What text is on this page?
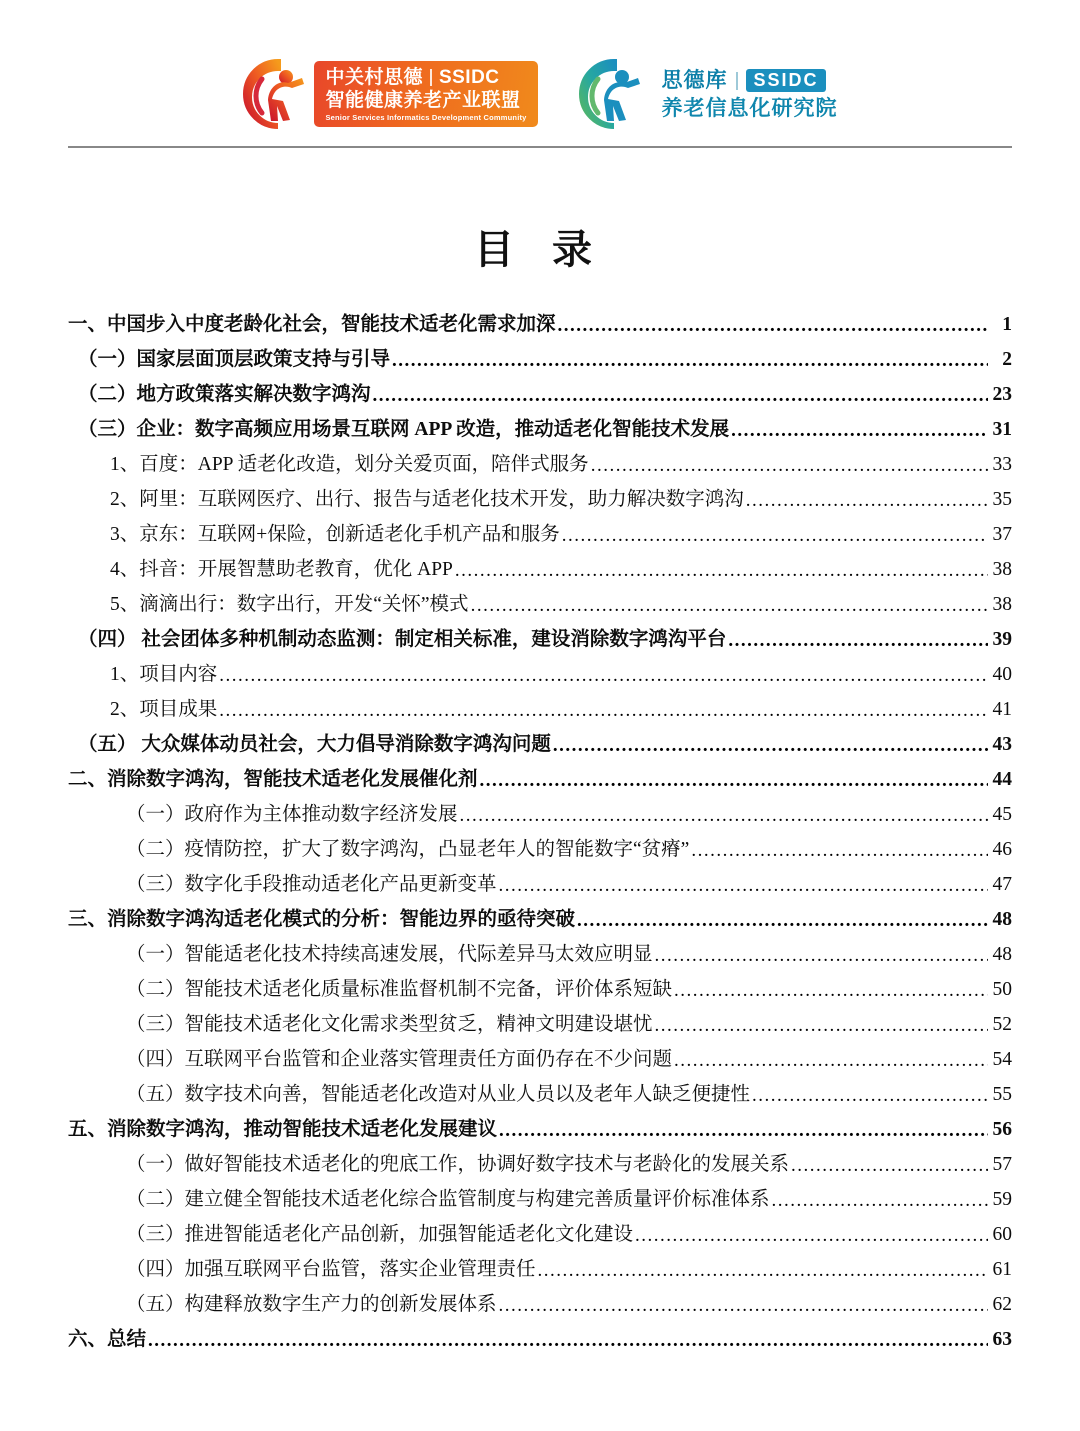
中关村思德 SSIDC
智能健康养老产业联盟
Senior Services Informatics Development Community
思德库	SSIDC
养老信息化研究院
目 录
一、中国步入中度老龄化社会，智能技术适老化需求加深 .....	1
（一）国家层面顶层政策支持与引导 .....	2
（二）地方政策落实解决数字鸿沟 .....	23
（三）企业：数字高频应用场景互联网 APP 改造，推动适老化智能技术发展 .....	31
1、百度：APP 适老化改造，划分关爱页面，陪伴式服务 .....	33
2、阿里：互联网医疗、出行、报告与适老化技术开发，助力解决数字鸿沟 .....	35
3、京东：互联网+保险，创新适老化手机产品和服务 .....	37
4、抖音：开展智慧助老教育，优化 APP .....	38
5、滴滴出行：数字出行，开发“关怀”模式 .....	38
（四） 社会团体多种机制动态监测：制定相关标准，建设消除数字鸿沟平台 .....	39
1、项目内容 .....	40
2、项目成果 .....	41
（五） 大众媒体动员社会，大力倡导消除数字鸿沟问题 .....	43
二、消除数字鸿沟，智能技术适老化发展催化剂 .....	44
（一）政府作为主体推动数字经济发展 .....	45
（二）疫情防控，扩大了数字鸿沟，凸显老年人的智能数字“贫瘠” .....	46
（三）数字化手段推动适老化产品更新变革 .....	47
三、消除数字鸿沟适老化模式的分析：智能边界的亟待突破 .....	48
（一）智能适老化技术持续高速发展，代际差异马太效应明显 .....	48
（二）智能技术适老化质量标准监督机制不完备，评价体系短缺 .....	50
（三）智能技术适老化文化需求类型贫乏，精神文明建设堪忧 .....	52
（四）互联网平台监管和企业落实管理责任方面仍存在不少问题 .....	54
（五）数字技术向善，智能适老化改造对从业人员以及老年人缺乏便捷性 .....	55
五、消除数字鸿沟，推动智能技术适老化发展建议 .....	56
（一）做好智能技术适老化的兜底工作，协调好数字技术与老龄化的发展关系 .....	57
（二）建立健全智能技术适老化综合监管制度与构建完善质量评价标准体系 .....	59
（三）推进智能适老化产品创新，加强智能适老化文化建设 .....	60
（四）加强互联网平台监管，落实企业管理责任 .....	61
（五）构建释放数字生产力的创新发展体系 .....	62
六、总结 .....	63
